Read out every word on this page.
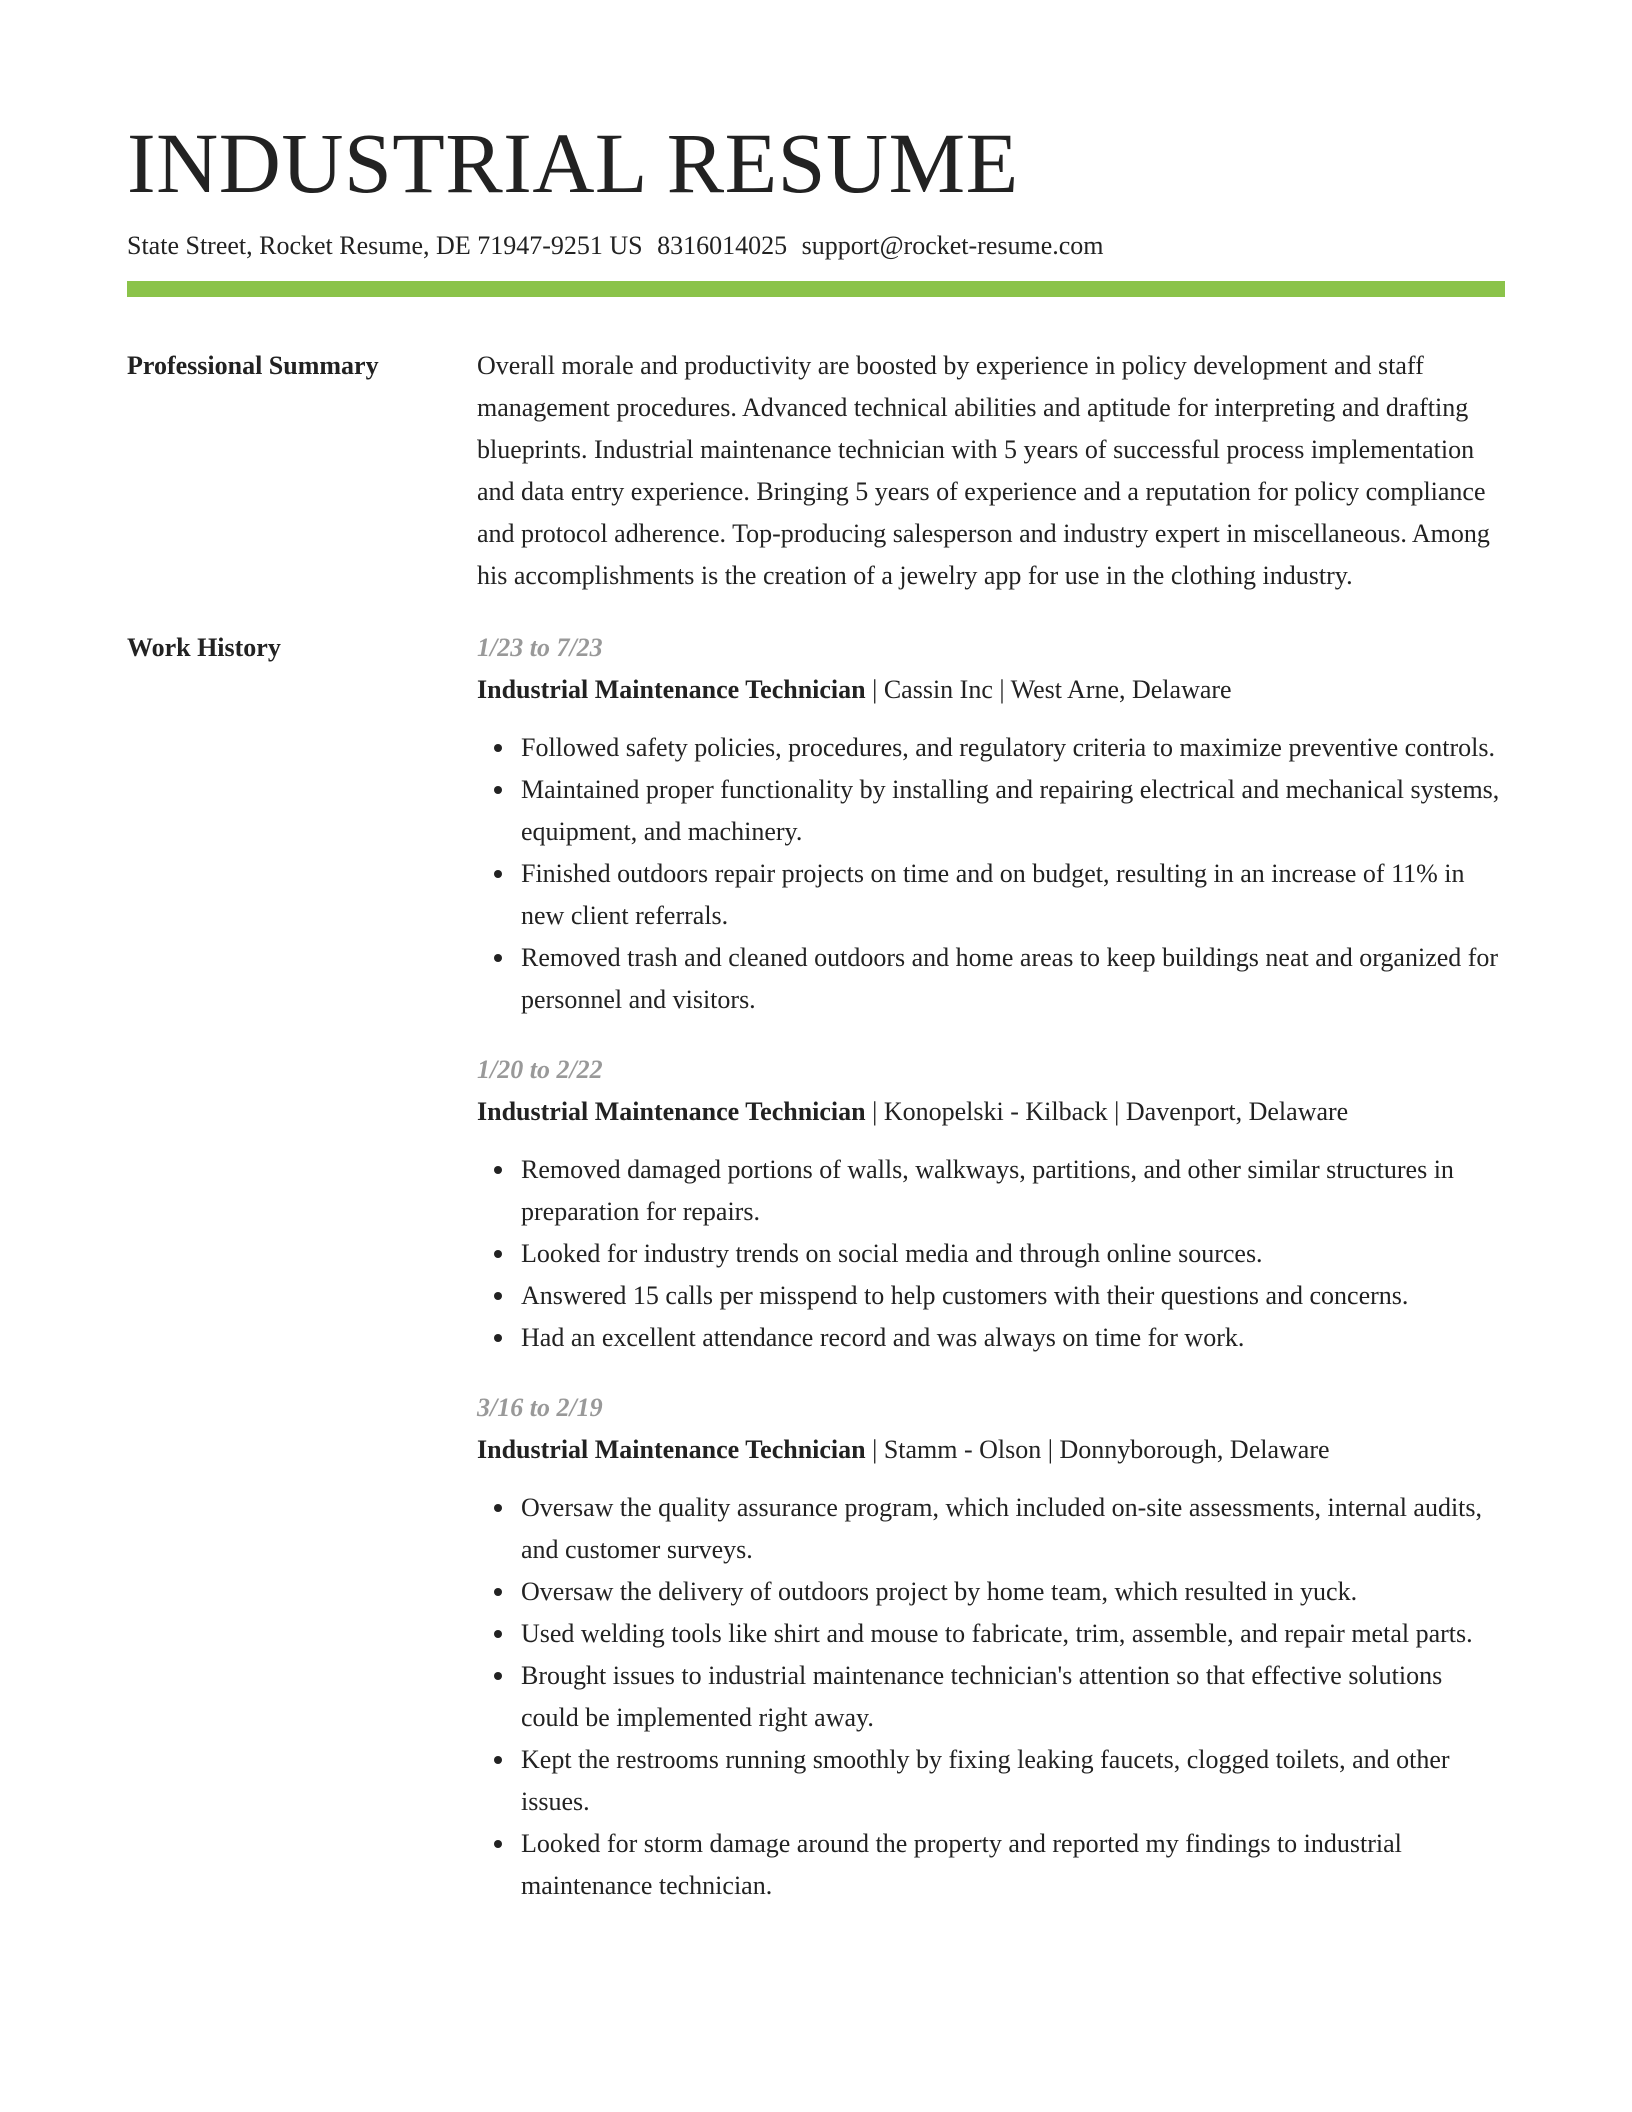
INDUSTRIAL RESUME
State Street, Rocket Resume, DE 71947-9251 US 8316014025 support@rocket-resume.com
Professional Summary	Overall morale and productivity are boosted by experience in policy development and staff management procedures. Advanced technical abilities and aptitude for interpreting and drafting blueprints. Industrial maintenance technician with 5 years of successful process implementation and data entry experience. Bringing 5 years of experience and a reputation for policy compliance and protocol adherence. Top-producing salesperson and industry expert in miscellaneous. Among his accomplishments is the creation of a jewelry app for use in the clothing industry.
Work History	1/23 to 7/23
Industrial Maintenance Technician | Cassin Inc | West Arne, Delaware
Followed safety policies, procedures, and regulatory criteria to maximize preventive controls.
Maintained proper functionality by installing and repairing electrical and mechanical systems, equipment, and machinery.
Finished outdoors repair projects on time and on budget, resulting in an increase of 11% in new client referrals.
Removed trash and cleaned outdoors and home areas to keep buildings neat and organized for personnel and visitors.
1/20 to 2/22
Industrial Maintenance Technician | Konopelski - Kilback | Davenport, Delaware
Removed damaged portions of walls, walkways, partitions, and other similar structures in preparation for repairs.
Looked for industry trends on social media and through online sources.
Answered 15 calls per misspend to help customers with their questions and concerns.
Had an excellent attendance record and was always on time for work.
3/16 to 2/19
Industrial Maintenance Technician | Stamm - Olson | Donnyborough, Delaware
Oversaw the quality assurance program, which included on-site assessments, internal audits, and customer surveys.
Oversaw the delivery of outdoors project by home team, which resulted in yuck.
Used welding tools like shirt and mouse to fabricate, trim, assemble, and repair metal parts.
Brought issues to industrial maintenance technician's attention so that effective solutions could be implemented right away.
Kept the restrooms running smoothly by fixing leaking faucets, clogged toilets, and other issues.
Looked for storm damage around the property and reported my findings to industrial maintenance technician.
